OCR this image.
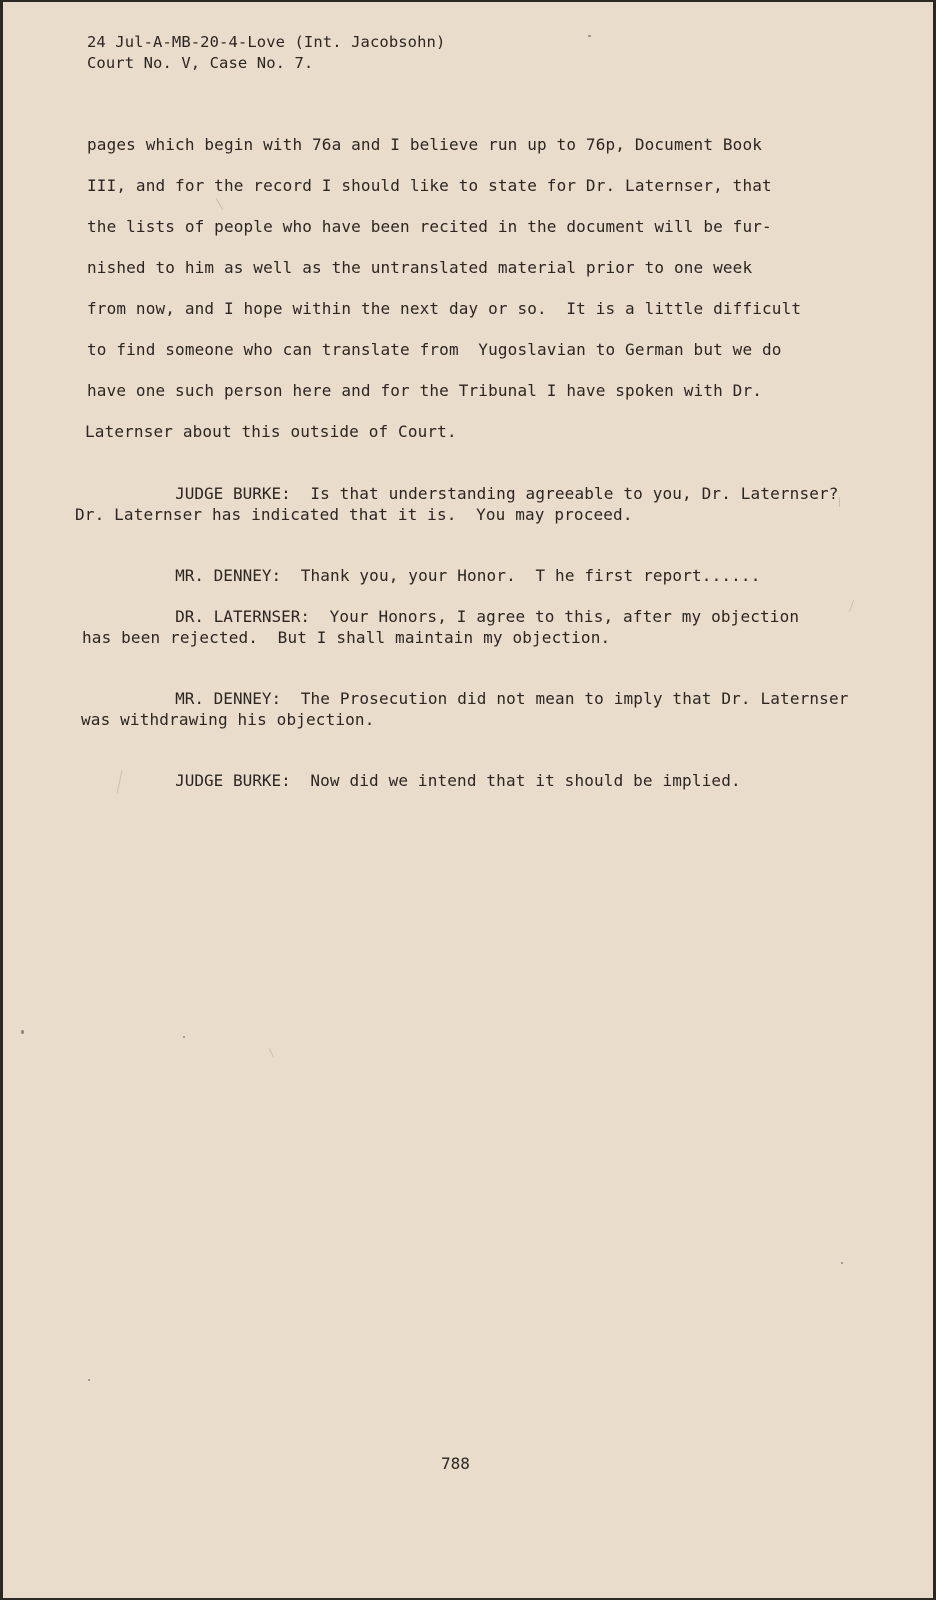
24 Jul-A-MB-20-4-Love (Int. Jacobsohn)
Court No. V, Case No. 7.
pages which begin with 76a and I believe run up to 76p, Document Book
III, and for the record I should like to state for Dr. Laternser, that
the lists of people who have been recited in the document will be fur-
nished to him as well as the untranslated material prior to one week
from now, and I hope within the next day or so.  It is a little difficult
to find someone who can translate from  Yugoslavian to German but we do
have one such person here and for the Tribunal I have spoken with Dr.
Laternser about this outside of Court.

JUDGE BURKE: Is that understanding agreeable to you, Dr. Laternser?

Dr. Laternser has indicated that it is.  You may proceed.

MR. DENNEY: Thank you, your Honor.  T he first report......

DR. LATERNSER: Your Honors, I agree to this, after my objection

has been rejected.  But I shall maintain my objection.

MR. DENNEY: The Prosecution did not mean to imply that Dr. Laternser

was withdrawing his objection.

JUDGE BURKE: Now did we intend that it should be implied.

788
